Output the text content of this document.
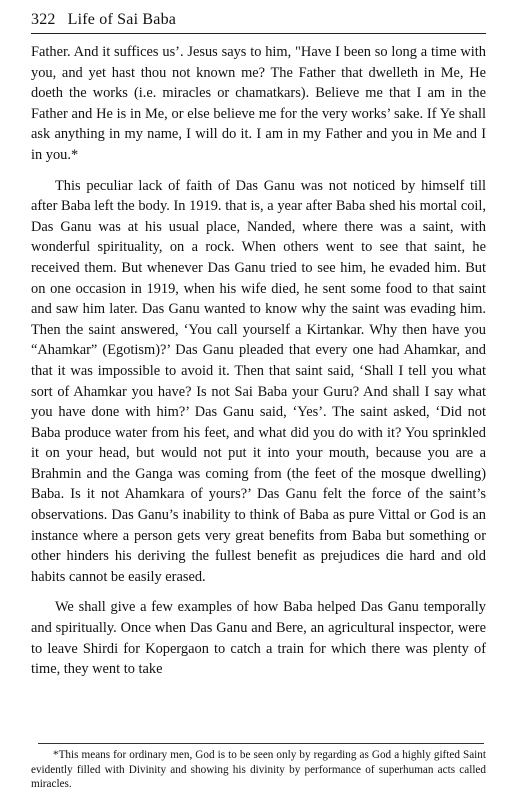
322 Life of Sai Baba

Father. And it suffices us’. Jesus says to him, "Have I been so long a time with you, and yet hast thou not known me? The Father that dwelleth in Me, He doeth the works (i.e. miracles or chamatkars). Believe me that I am in the Father and He is in Me, or else believe me for the very works’ sake. If Ye shall ask anything in my name, I will do it. I am in my Father and you in Me and I in you.*

This peculiar lack of faith of Das Ganu was not noticed by himself till after Baba left the body. In 1919. that is, a year after Baba shed his mortal coil, Das Ganu was at his usual place, Nanded, where there was a saint, with wonderful spirituality, on a rock. When others went to see that saint, he received them. But whenever Das Ganu tried to see him, he evaded him. But on one occasion in 1919, when his wife died, he sent some food to that saint and saw him later. Das Ganu wanted to know why the saint was evading him. Then the saint answered, ‘You call yourself a Kirtankar. Why then have you “Ahamkar” (Egotism)?’ Das Ganu pleaded that every one had Ahamkar, and that it was impossible to avoid it. Then that saint said, ‘Shall I tell you what sort of Ahamkar you have? Is not Sai Baba your Guru? And shall I say what you have done with him?’ Das Ganu said, ‘Yes’. The saint asked, ‘Did not Baba produce water from his feet, and what did you do with it? You sprinkled it on your head, but would not put it into your mouth, because you are a Brahmin and the Ganga was coming from (the feet of the mosque dwelling) Baba. Is it not Ahamkara of yours?’ Das Ganu felt the force of the saint’s observations. Das Ganu’s inability to think of Baba as pure Vittal or God is an instance where a person gets very great benefits from Baba but something or other hinders his deriving the fullest benefit as prejudices die hard and old habits cannot be easily erased.

We shall give a few examples of how Baba helped Das Ganu temporally and spiritually. Once when Das Ganu and Bere, an agricultural inspector, were to leave Shirdi for Kopergaon to catch a train for which there was plenty of time, they went to take

*This means for ordinary men, God is to be seen only by regarding as God a highly gifted Saint evidently filled with Divinity and showing his divinity by performance of superhuman acts called miracles.
